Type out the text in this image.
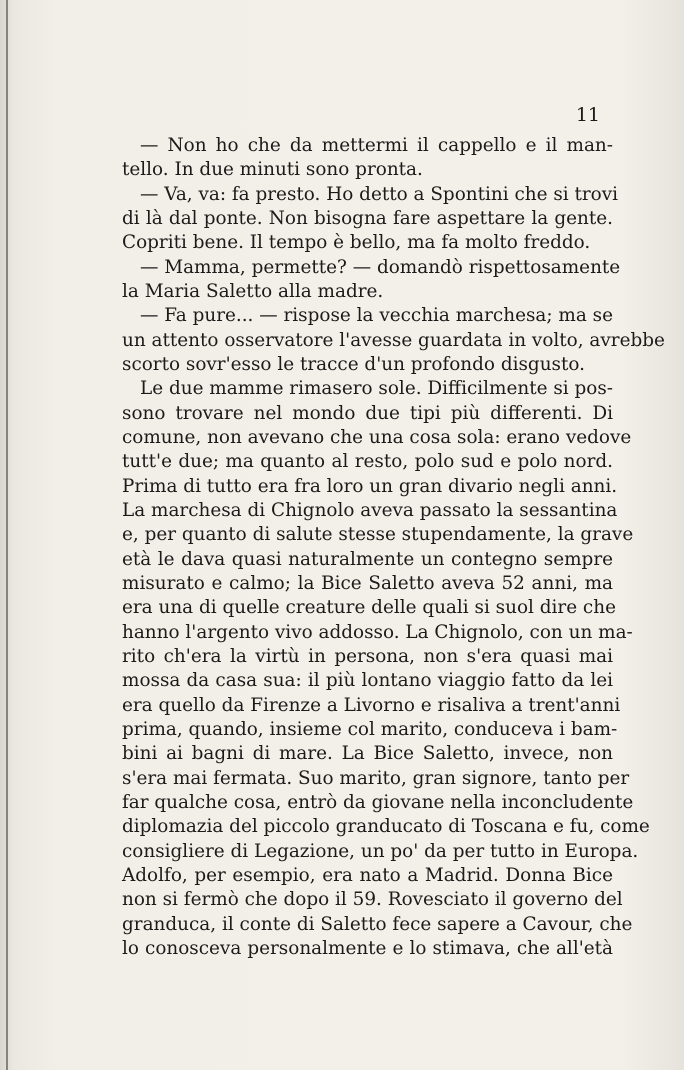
11
— Non ho che da mettermi il cappello e il man-
tello. In due minuti sono pronta.
— Va, va: fa presto. Ho detto a Spontini che si trovi
di là dal ponte. Non bisogna fare aspettare la gente.
Copriti bene. Il tempo è bello, ma fa molto freddo.
— Mamma, permette? — domandò rispettosamente
la Maria Saletto alla madre.
— Fa pure... — rispose la vecchia marchesa; ma se
un attento osservatore l'avesse guardata in volto, avrebbe
scorto sovr'esso le tracce d'un profondo disgusto.
Le due mamme rimasero sole. Difficilmente si pos-
sono trovare nel mondo due tipi più differenti. Di
comune, non avevano che una cosa sola: erano vedove
tutt'e due; ma quanto al resto, polo sud e polo nord.
Prima di tutto era fra loro un gran divario negli anni.
La marchesa di Chignolo aveva passato la sessantina
e, per quanto di salute stesse stupendamente, la grave
età le dava quasi naturalmente un contegno sempre
misurato e calmo; la Bice Saletto aveva 52 anni, ma
era una di quelle creature delle quali si suol dire che
hanno l'argento vivo addosso. La Chignolo, con un ma-
rito ch'era la virtù in persona, non s'era quasi mai
mossa da casa sua: il più lontano viaggio fatto da lei
era quello da Firenze a Livorno e risaliva a trent'anni
prima, quando, insieme col marito, conduceva i bam-
bini ai bagni di mare. La Bice Saletto, invece, non
s'era mai fermata. Suo marito, gran signore, tanto per
far qualche cosa, entrò da giovane nella inconcludente
diplomazia del piccolo granducato di Toscana e fu, come
consigliere di Legazione, un po' da per tutto in Europa.
Adolfo, per esempio, era nato a Madrid. Donna Bice
non si fermò che dopo il 59. Rovesciato il governo del
granduca, il conte di Saletto fece sapere a Cavour, che
lo conosceva personalmente e lo stimava, che all'età
